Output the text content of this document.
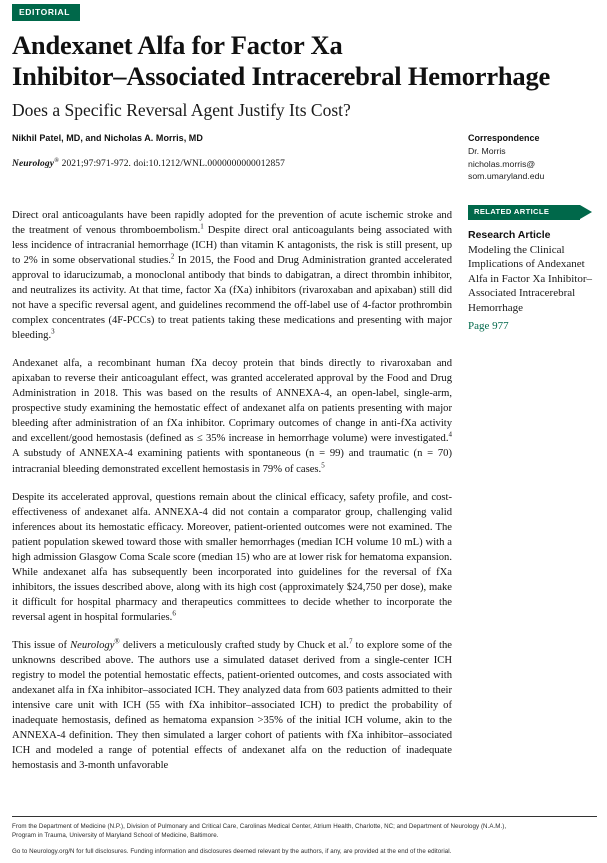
EDITORIAL
Andexanet Alfa for Factor Xa
Inhibitor–Associated Intracerebral Hemorrhage
Does a Specific Reversal Agent Justify Its Cost?
Nikhil Patel, MD, and Nicholas A. Morris, MD
Neurology® 2021;97:971-972. doi:10.1212/WNL.0000000000012857
Correspondence
Dr. Morris
nicholas.morris@
som.umaryland.edu
RELATED ARTICLE
Research Article
Modeling the Clinical Implications of Andexanet Alfa in Factor Xa Inhibitor–Associated Intracerebral Hemorrhage
Page 977

Direct oral anticoagulants have been rapidly adopted for the prevention of acute ischemic stroke and the treatment of venous thromboembolism.$^1$ Despite direct oral anticoagulants being associated with less incidence of intracranial hemorrhage (ICH) than vitamin K antagonists, the risk is still present, up to 2% in some observational studies.$^2$ In 2015, the Food and Drug Administration granted accelerated approval to idarucizumab, a monoclonal antibody that binds to dabigatran, a direct thrombin inhibitor, and neutralizes its activity. At that time, factor Xa (fXa) inhibitors (rivaroxaban and apixaban) still did not have a specific reversal agent, and guidelines recommend the off-label use of 4-factor prothrombin complex concentrates (4F-PCCs) to treat patients taking these medications and presenting with major bleeding.$^3$

Andexanet alfa, a recombinant human fXa decoy protein that binds directly to rivaroxaban and apixaban to reverse their anticoagulant effect, was granted accelerated approval by the Food and Drug Administration in 2018. This was based on the results of ANNEXA-4, an open-label, single-arm, prospective study examining the hemostatic effect of andexanet alfa on patients presenting with major bleeding after administration of an fXa inhibitor. Coprimary outcomes of change in anti-fXa activity and excellent/good hemostasis (defined as ≤ 35% increase in hemorrhage volume) were investigated.$^4$ A substudy of ANNEXA-4 examining patients with spontaneous (n = 99) and traumatic (n = 70) intracranial bleeding demonstrated excellent hemostasis in 79% of cases.$^5$

Despite its accelerated approval, questions remain about the clinical efficacy, safety profile, and cost-effectiveness of andexanet alfa. ANNEXA-4 did not contain a comparator group, challenging valid inferences about its hemostatic efficacy. Moreover, patient-oriented outcomes were not examined. The patient population skewed toward those with smaller hemorrhages (median ICH volume 10 mL) with a high admission Glasgow Coma Scale score (median 15) who are at lower risk for hematoma expansion. While andexanet alfa has subsequently been incorporated into guidelines for the reversal of fXa inhibitors, the issues described above, along with its high cost (approximately $24,750 per dose), make it difficult for hospital pharmacy and therapeutics committees to decide whether to incorporate the reversal agent in hospital formularies.$^6$

This issue of Neurology® delivers a meticulously crafted study by Chuck et al.$^7$ to explore some of the unknowns described above. The authors use a simulated dataset derived from a single-center ICH registry to model the potential hemostatic effects, patient-oriented outcomes, and costs associated with andexanet alfa in fXa inhibitor–associated ICH. They analyzed data from 603 patients admitted to their intensive care unit with ICH (55 with fXa inhibitor–associated ICH) to predict the probability of inadequate hemostasis, defined as hematoma expansion >35% of the initial ICH volume, akin to the ANNEXA-4 definition. They then simulated a larger cohort of patients with fXa inhibitor–associated ICH and modeled a range of potential effects of andexanet alfa on the reduction of inadequate hemostasis and 3-month unfavorable

From the Department of Medicine (N.P.), Division of Pulmonary and Critical Care, Carolinas Medical Center, Atrium Health, Charlotte, NC; and Department of Neurology (N.A.M.),
Program in Trauma, University of Maryland School of Medicine, Baltimore.
Go to Neurology.org/N for full disclosures. Funding information and disclosures deemed relevant by the authors, if any, are provided at the end of the editorial.
